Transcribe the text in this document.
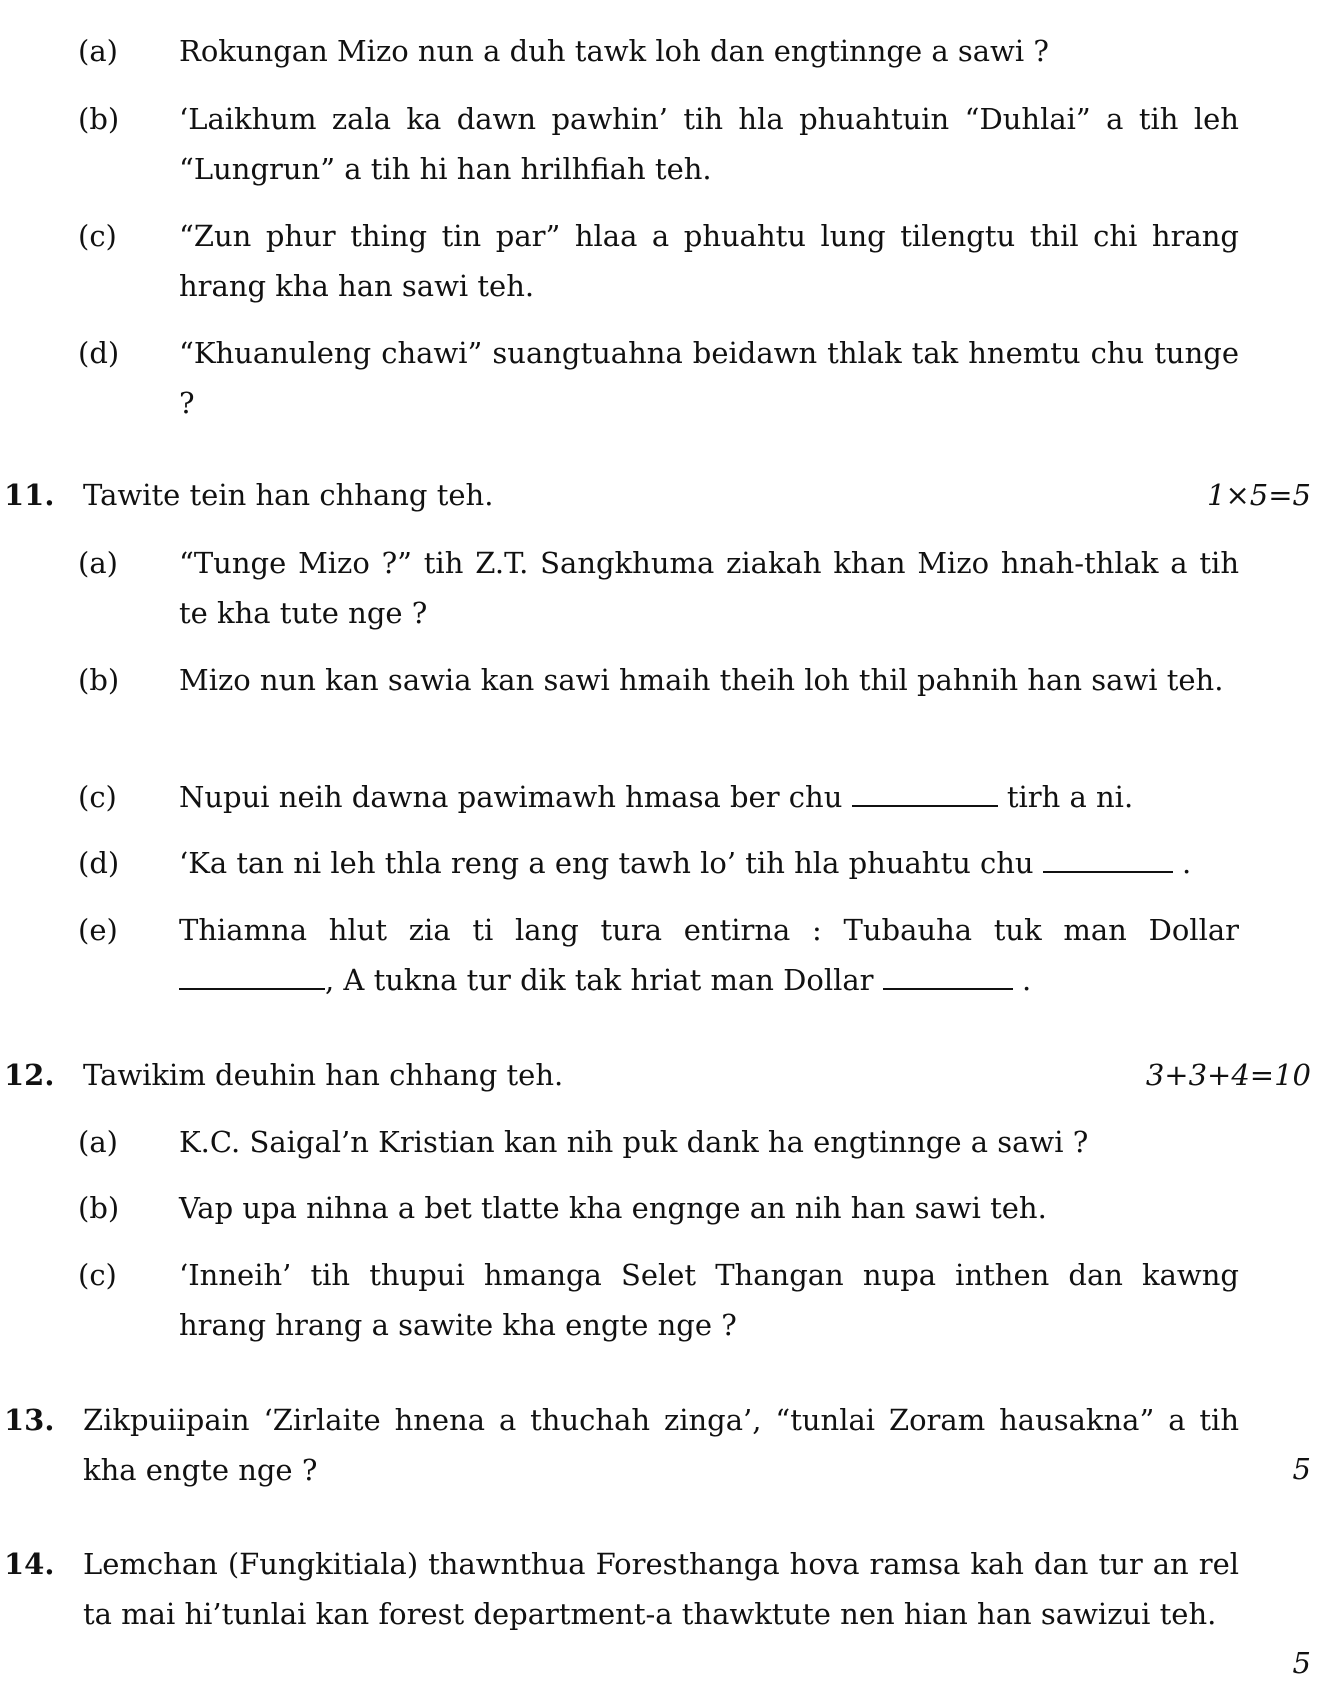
(a)	Rokungan Mizo nun a duh tawk loh dan engtinnge a sawi ?
(b)	‘Laikhum zala ka dawn pawhin’ tih hla phuahtuin “Duhlai” a tih leh “Lungrun” a tih hi han hrilhfiah teh.
(c)	“Zun phur thing tin par” hlaa a phuahtu lung tilengtu thil chi hrang hrang kha han sawi teh.
(d)	“Khuanuleng chawi” suangtuahna beidawn thlak tak hnemtu chu tunge ?
11. Tawite tein han chhang teh.	1×5=5
(a)	“Tunge Mizo ?” tih Z.T. Sangkhuma ziakah khan Mizo hnah-thlak a tih te kha tute nge ?
(b)	Mizo nun kan sawia kan sawi hmaih theih loh thil pahnih han sawi teh.
(c)	Nupui neih dawna pawimawh hmasa ber chu	tirh a ni.
(d)	‘Ka tan ni leh thla reng a eng tawh lo’ tih hla phuahtu chu	.
(e)	Thiamna hlut zia ti lang tura entirna : Tubauha tuk man Dollar , A tukna tur dik tak hriat man Dollar	.
12. Tawikim deuhin han chhang teh.	3+3+4=10
(a)	K.C. Saigal’n Kristian kan nih puk dank ha engtinnge a sawi ?
(b)	Vap upa nihna a bet tlatte kha engnge an nih han sawi teh.
(c)	‘Inneih’ tih thupui hmanga Selet Thangan nupa inthen dan kawng hrang hrang a sawite kha engte nge ?
13. Zikpuiipain ‘Zirlaite hnena a thuchah zinga’, “tunlai Zoram hausakna” a tih kha engte nge ?	5
14. Lemchan (Fungkitiala) thawnthua Foresthanga hova ramsa kah dan tur an rel ta mai hi’tunlai kan forest department-a thawktute nen hian han sawizui teh.
5
